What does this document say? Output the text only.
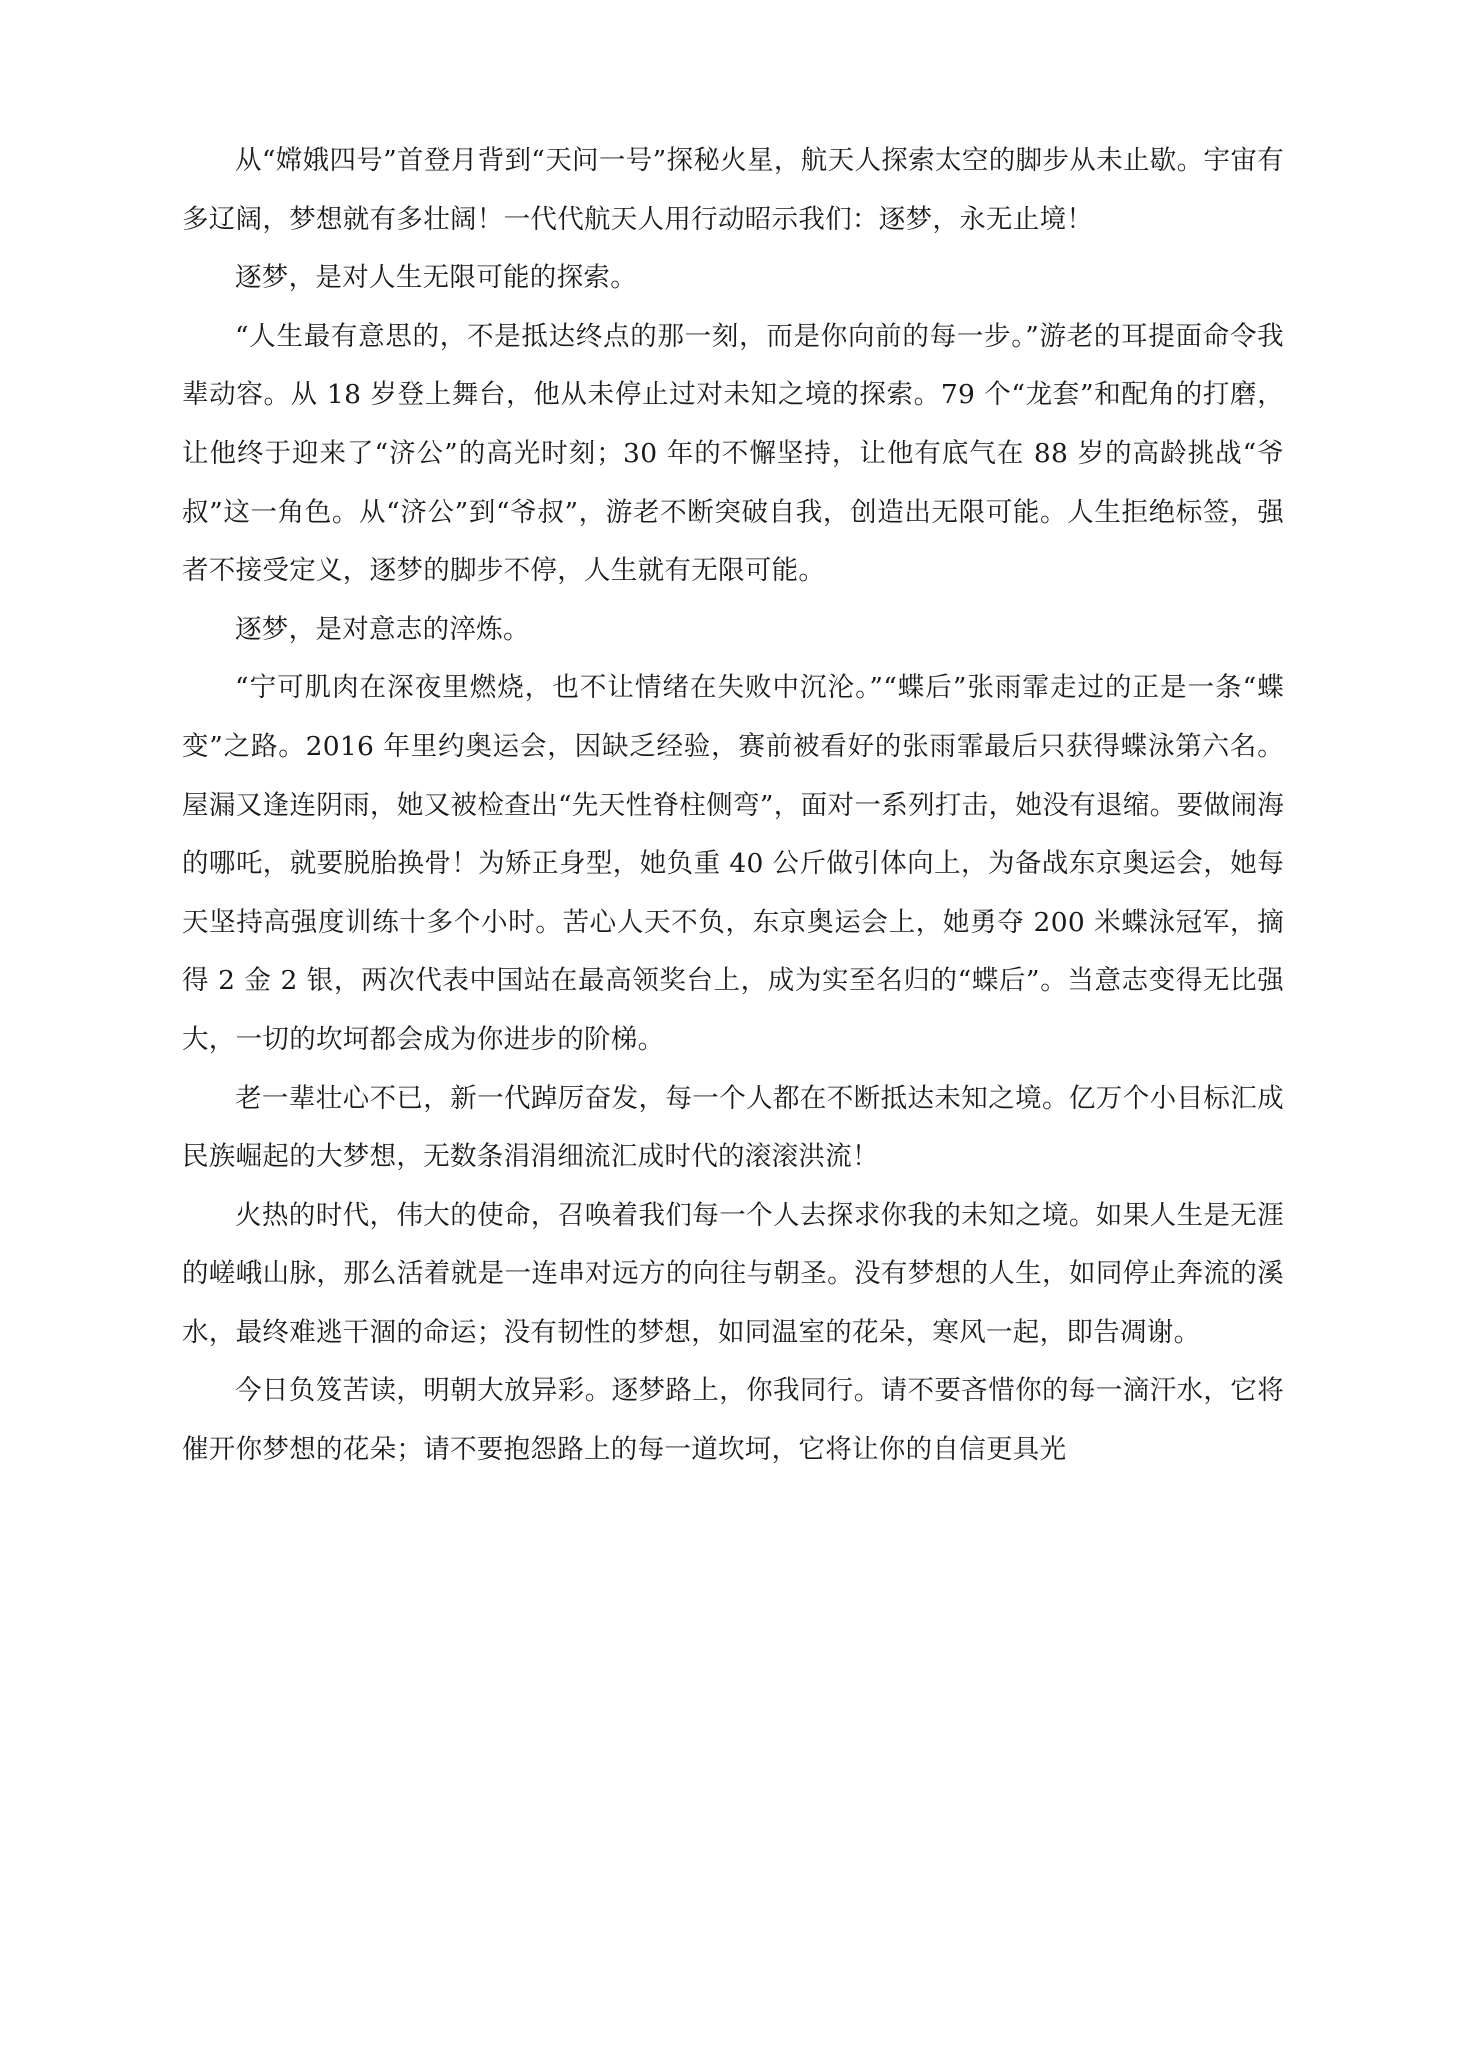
从“嫦娥四号”首登月背到“天问一号”探秘火星，航天人探索太空的脚步从未止歇。宇宙有多辽阔，梦想就有多壮阔！一代代航天人用行动昭示我们：逐梦，永无止境！

逐梦，是对人生无限可能的探索。

“人生最有意思的，不是抵达终点的那一刻，而是你向前的每一步。”游老的耳提面命令我辈动容。从 18 岁登上舞台，他从未停止过对未知之境的探索。79 个“龙套”和配角的打磨，让他终于迎来了“济公”的高光时刻；30 年的不懈坚持，让他有底气在 88 岁的高龄挑战“爷叔”这一角色。从“济公”到“爷叔”，游老不断突破自我，创造出无限可能。人生拒绝标签，强者不接受定义，逐梦的脚步不停，人生就有无限可能。

逐梦，是对意志的淬炼。

“宁可肌肉在深夜里燃烧，也不让情绪在失败中沉沦。”“蝶后”张雨霏走过的正是一条“蝶变”之路。2016 年里约奥运会，因缺乏经验，赛前被看好的张雨霏最后只获得蝶泳第六名。屋漏又逢连阴雨，她又被检查出“先天性脊柱侧弯”，面对一系列打击，她没有退缩。要做闹海的哪吒，就要脱胎换骨！为矫正身型，她负重 40 公斤做引体向上，为备战东京奥运会，她每天坚持高强度训练十多个小时。苦心人天不负，东京奥运会上，她勇夺 200 米蝶泳冠军，摘得 2 金 2 银，两次代表中国站在最高领奖台上，成为实至名归的“蝶后”。当意志变得无比强大，一切的坎坷都会成为你进步的阶梯。

老一辈壮心不已，新一代踔厉奋发，每一个人都在不断抵达未知之境。亿万个小目标汇成民族崛起的大梦想，无数条涓涓细流汇成时代的滚滚洪流！

火热的时代，伟大的使命，召唤着我们每一个人去探求你我的未知之境。如果人生是无涯的嵯峨山脉，那么活着就是一连串对远方的向往与朝圣。没有梦想的人生，如同停止奔流的溪水，最终难逃干涸的命运；没有韧性的梦想，如同温室的花朵，寒风一起，即告凋谢。

今日负笈苦读，明朝大放异彩。逐梦路上，你我同行。请不要吝惜你的每一滴汗水，它将催开你梦想的花朵；请不要抱怨路上的每一道坎坷，它将让你的自信更具光
